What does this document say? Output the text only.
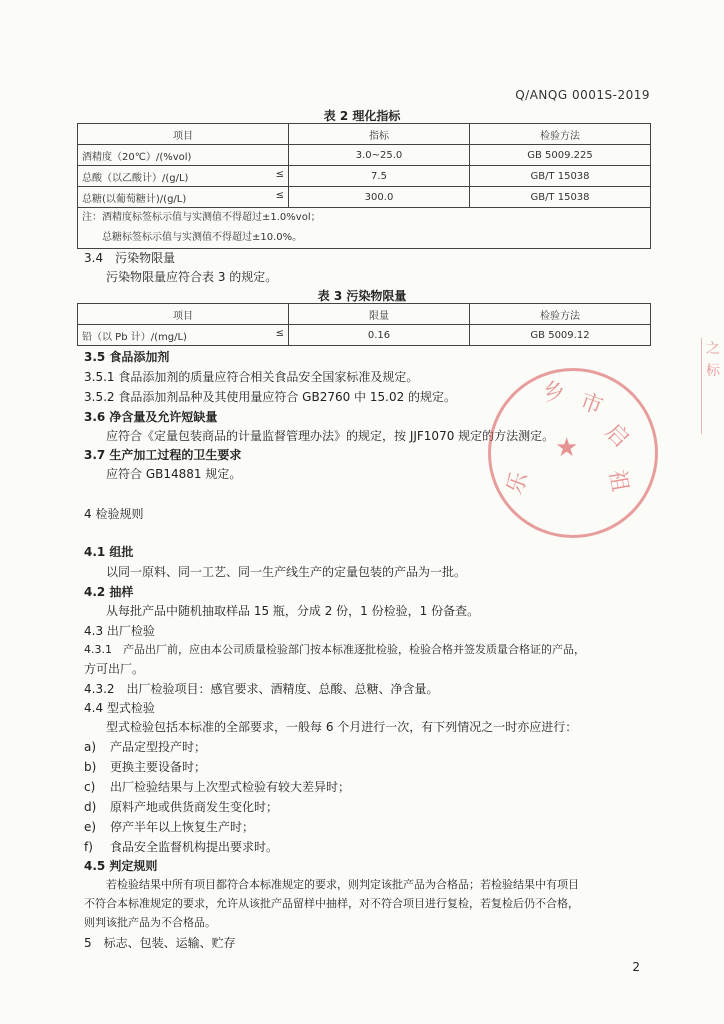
Q/ANQG 0001S-2019
表 2 理化指标
项目	指标	检验方法
酒精度（20℃）/(%vol)	3.0~25.0	GB 5009.225
总酸（以乙酸计）/(g/L) ≤	7.5	GB/T 15038
总糖(以葡萄糖计)/(g/L) ≤	300.0	GB/T 15038

注：酒精度标签标示值与实测值不得超过±1.0%vol；
总糖标签标示值与实测值不得超过±10.0%。		
3.4　污染物限量
污染物限量应符合表 3 的规定。
表 3 污染物限量
项目	限量	检验方法
铅（以 Pb 计）/(mg/L) ≤	0.16	GB 5009.12
3.5 食品添加剂
3.5.1 食品添加剂的质量应符合相关食品安全国家标准及规定。
3.5.2 食品添加剂品种及其使用量应符合 GB2760 中 15.02 的规定。
3.6 净含量及允许短缺量
应符合《定量包装商品的计量监督管理办法》的规定，按 JJF1070 规定的方法测定。
3.7 生产加工过程的卫生要求
应符合 GB14881 规定。
4 检验规则
4.1 组批
以同一原料、同一工艺、同一生产线生产的定量包装的产品为一批。
4.2 抽样
从每批产品中随机抽取样品 15 瓶，分成 2 份，1 份检验，1 份备查。
4.3 出厂检验
4.3.1　产品出厂前，应由本公司质量检验部门按本标准逐批检验，检验合格并签发质量合格证的产品，
方可出厂。
4.3.2　出厂检验项目：感官要求、酒精度、总酸、总糖、净含量。
4.4 型式检验
型式检验包括本标准的全部要求，一般每 6 个月进行一次，有下列情况之一时亦应进行：
a) 产品定型投产时；
b) 更换主要设备时；
c) 出厂检验结果与上次型式检验有较大差异时；
d) 原料产地或供货商发生变化时；
e) 停产半年以上恢复生产时；
f) 食品安全监督机构提出要求时。
4.5 判定规则
若检验结果中所有项目都符合本标准规定的要求，则判定该批产品为合格品；若检验结果中有项目
不符合本标准规定的要求，允许从该批产品留样中抽样，对不符合项目进行复检，若复检后仍不合格，
则判该批产品为不合格品。
5　标志、包装、运输、贮存
2
乡 市
启
祖
乐
★
之
标
